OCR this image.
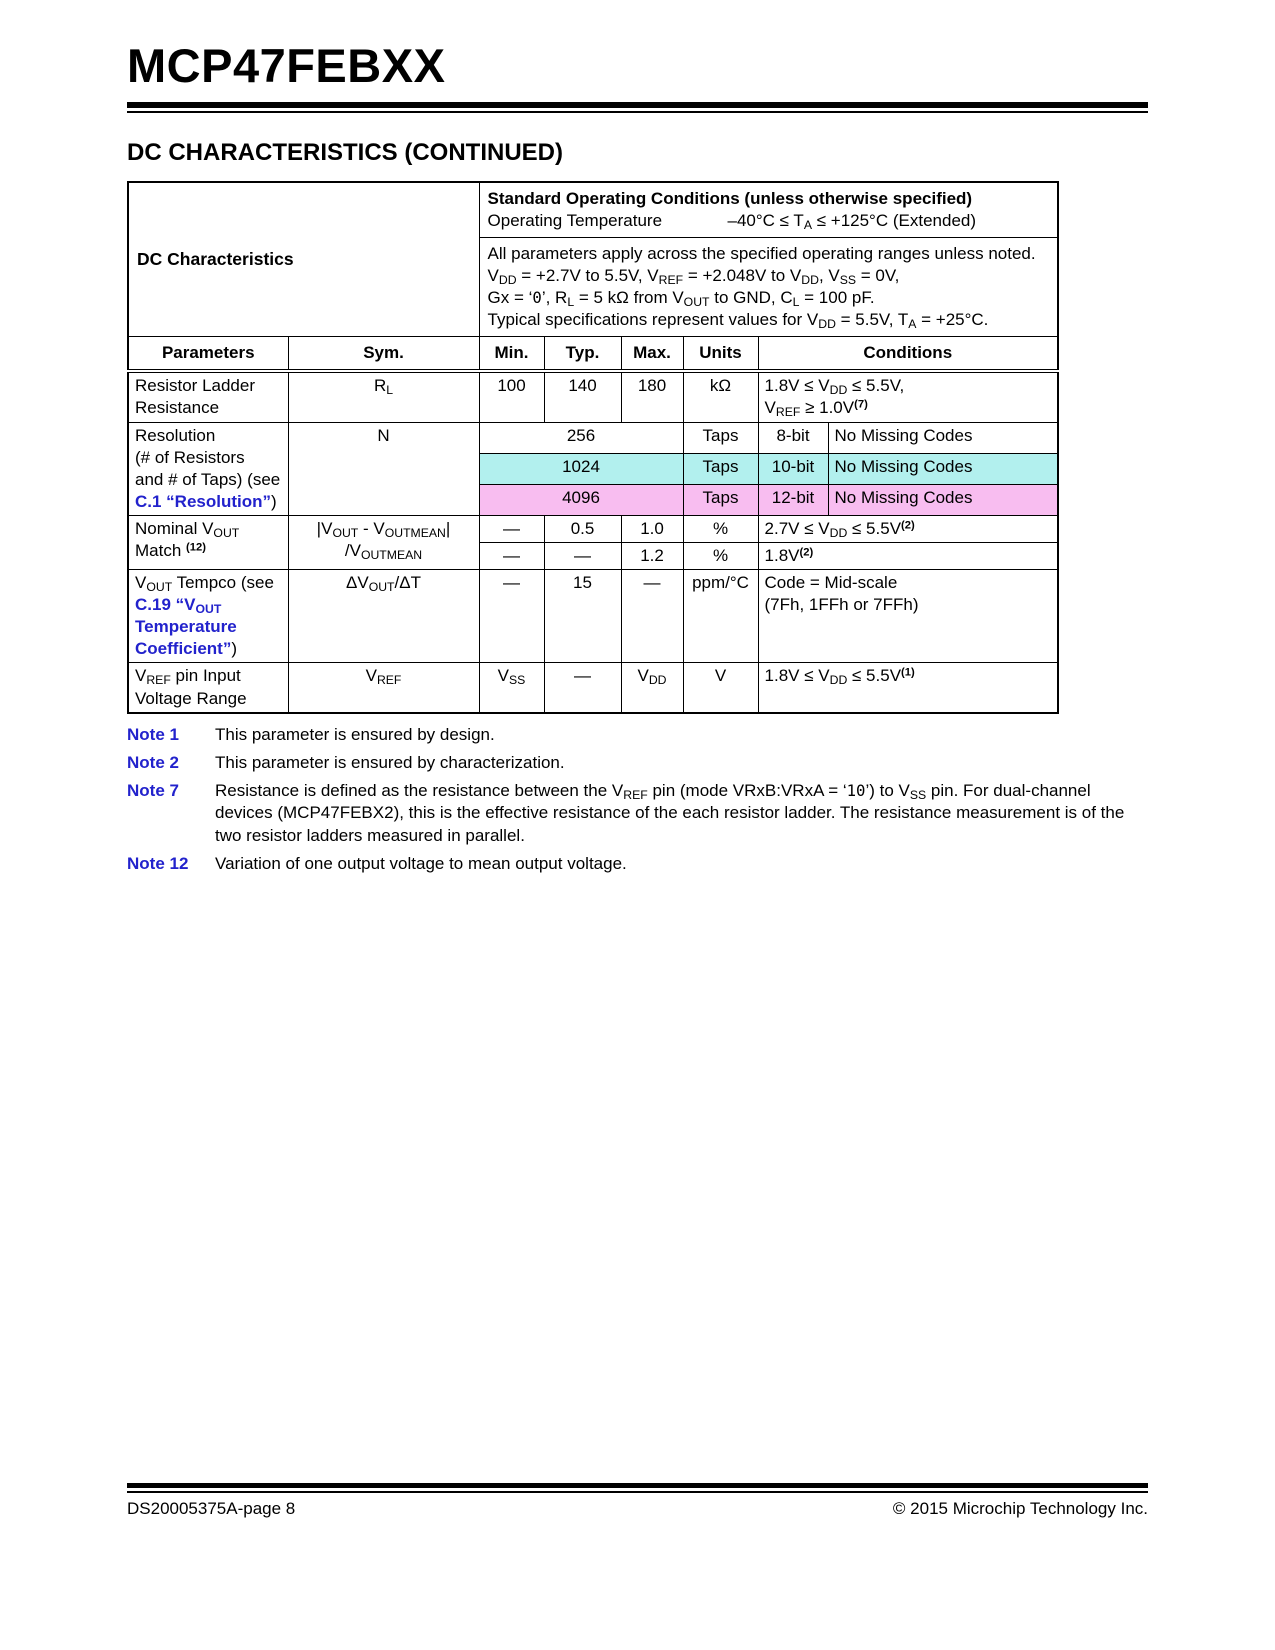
MCP47FEBXX
DC CHARACTERISTICS (CONTINUED)
DC Characteristics		Standard Operating Conditions (unless otherwise specified)
Operating Temperature $-40^\circ C \le T_A \le +125^\circ C$ (Extended)					

		All parameters apply across the specified operating ranges unless noted.
$V_{DD} = +2.7V$ to 5.5V, $V_{REF} = +2.048V$ to $V_{DD}$, $V_{SS} = 0V$,
Gx = ‘0’, $R_L = 5$ kΩ from $V_{OUT}$ to GND, $C_L = 100$ pF.
Typical specifications represent values for $V_{DD} = 5.5V$, $T_A = +25^\circ C$.					

Parameters	Sym.	Min.	Typ.	Max.	Units	Conditions	
Resistor Ladder
Resistance	$R_L$	100	140	180	kΩ	$1.8V \le V_{DD} \le 5.5V$,
$V_{REF} \ge 1.0V^{(7)}$
Resolution
(# of Resistors
and # of Taps) (see
C.1 “Resolution”)	N	256			Taps	8-bit	No Missing Codes
		1024			Taps	10-bit	No Missing Codes
		4096			Taps	12-bit	No Missing Codes
Nominal $V_{OUT}$
Match $^{(12)}$	$|V_{OUT} - V_{OUTMEAN}|$
$/V_{OUTMEAN}$	—	0.5	1.0	%	$2.7V \le V_{DD} \le 5.5V^{(2)}$
		—	—	1.2	%	$1.8V^{(2)}$
$V_{OUT}$ Tempco (see
C.19 “$V_{OUT}$
Temperature
Coefficient”)	$\Delta V_{OUT}/\Delta T$	—	15	—	ppm/°C	Code = Mid-scale
(7Fh, 1FFh or 7FFh)	
$V_{REF}$ pin Input
Voltage Range	$V_{REF}$	$V_{SS}$	—	$V_{DD}$	V	$1.8V \le V_{DD} \le 5.5V^{(1)}$
Note 1	This parameter is ensured by design.
Note 2	This parameter is ensured by characterization.
Note 7	Resistance is defined as the resistance between the $V_{REF}$ pin (mode VRxB:VRxA = ‘10’) to $V_{SS}$ pin. For dual-channel devices (MCP47FEBX2), this is the effective resistance of the each resistor ladder. The resistance measurement is of the two resistor ladders measured in parallel.
Note 12	Variation of one output voltage to mean output voltage.
DS20005375A-page 8	© 2015 Microchip Technology Inc.
